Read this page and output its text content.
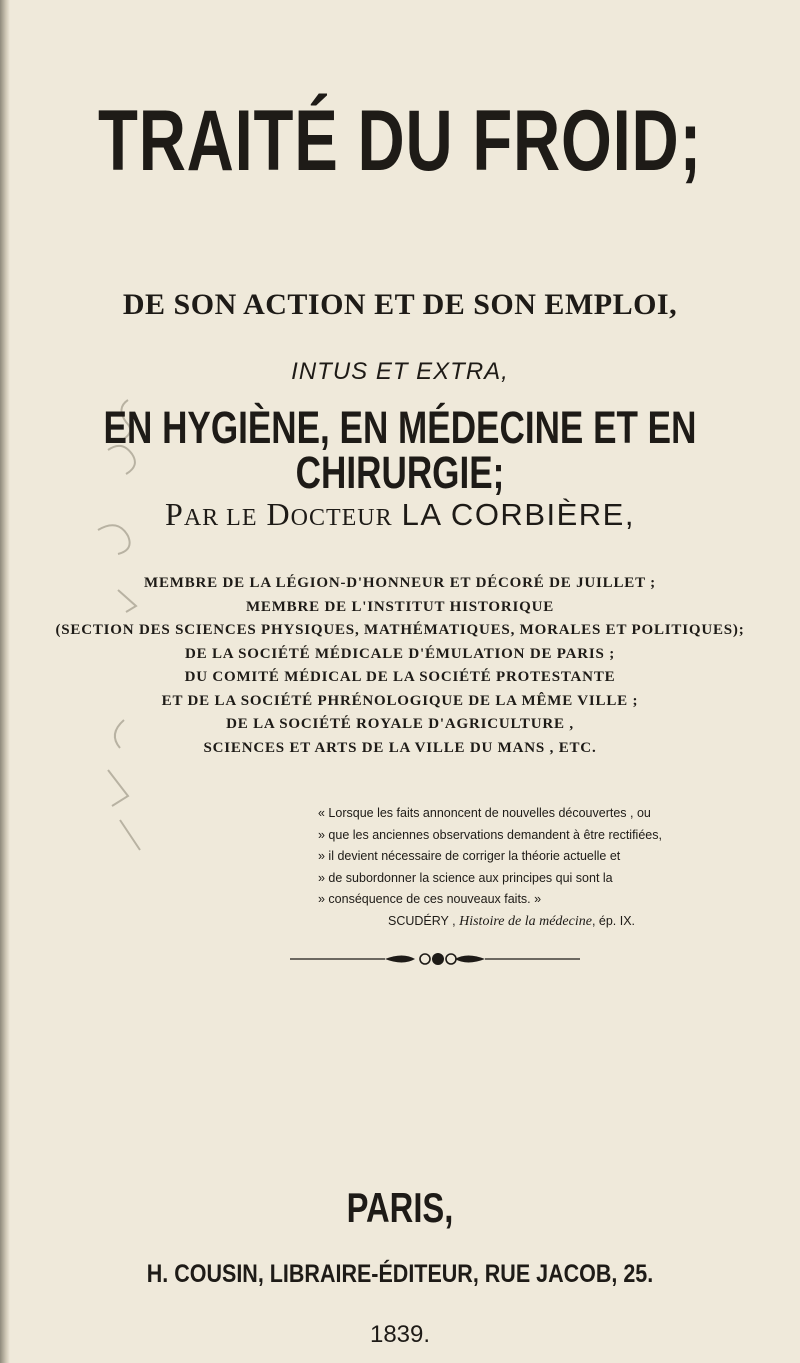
TRAITÉ DU FROID;
DE SON ACTION ET DE SON EMPLOI,
INTUS ET EXTRA,
EN HYGIÈNE, EN MÉDECINE ET EN CHIRURGIE;
PAR LE DOCTEUR LA CORBIÈRE,
MEMBRE DE LA LÉGION-D'HONNEUR ET DÉCORÉ DE JUILLET ;
MEMBRE DE L'INSTITUT HISTORIQUE
(SECTION DES SCIENCES PHYSIQUES, MATHÉMATIQUES, MORALES ET POLITIQUES);
DE LA SOCIÉTÉ MÉDICALE D'ÉMULATION DE PARIS ;
DU COMITÉ MÉDICAL DE LA SOCIÉTÉ PROTESTANTE
ET DE LA SOCIÉTÉ PHRÉNOLOGIQUE DE LA MÊME VILLE ;
DE LA SOCIÉTÉ ROYALE D'AGRICULTURE ,
SCIENCES ET ARTS DE LA VILLE DU MANS , ETC.
« Lorsque les faits annoncent de nouvelles découvertes , ou
» que les anciennes observations demandent à être rectifiées,
» il devient nécessaire de corriger la théorie actuelle et
» de subordonner la science aux principes qui sont la
» conséquence de ces nouveaux faits. »
SCUDÉRY , Histoire de la médecine, ép. IX.
PARIS,
H. COUSIN, LIBRAIRE-ÉDITEUR, RUE JACOB, 25.
1839.
